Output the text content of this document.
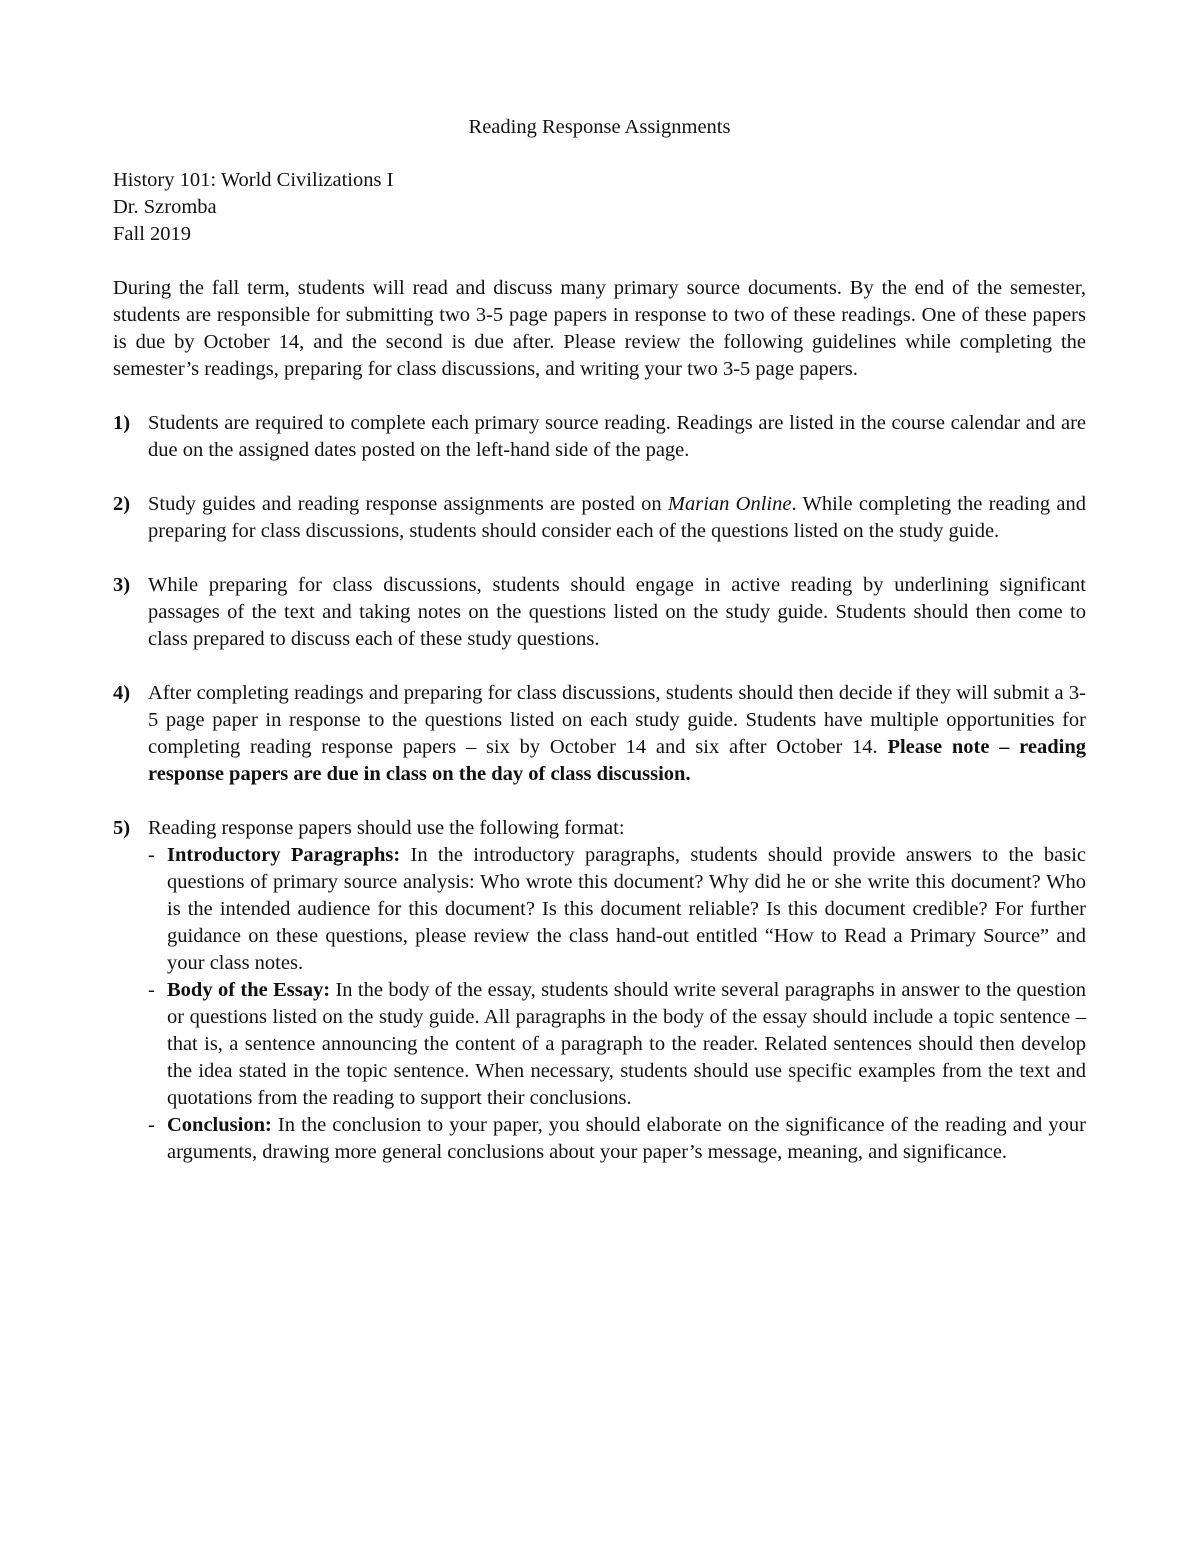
Reading Response Assignments
History 101: World Civilizations I
Dr. Szromba
Fall 2019

During the fall term, students will read and discuss many primary source documents. By the end of the semester, students are responsible for submitting two 3-5 page papers in response to two of these readings. One of these papers is due by October 14, and the second is due after. Please review the following guidelines while completing the semester’s readings, preparing for class discussions, and writing your two 3-5 page papers.

1) Students are required to complete each primary source reading. Readings are listed in the course calendar and are due on the assigned dates posted on the left-hand side of the page.
2) Study guides and reading response assignments are posted on Marian Online. While completing the reading and preparing for class discussions, students should consider each of the questions listed on the study guide.
3) While preparing for class discussions, students should engage in active reading by underlining significant passages of the text and taking notes on the questions listed on the study guide. Students should then come to class prepared to discuss each of these study questions.
4) After completing readings and preparing for class discussions, students should then decide if they will submit a 3-5 page paper in response to the questions listed on each study guide. Students have multiple opportunities for completing reading response papers – six by October 14 and six after October 14. Please note – reading response papers are due in class on the day of class discussion.
5) Reading response papers should use the following format:
- Introductory Paragraphs: In the introductory paragraphs, students should provide answers to the basic questions of primary source analysis: Who wrote this document? Why did he or she write this document? Who is the intended audience for this document? Is this document reliable? Is this document credible? For further guidance on these questions, please review the class hand-out entitled “How to Read a Primary Source” and your class notes.
- Body of the Essay: In the body of the essay, students should write several paragraphs in answer to the question or questions listed on the study guide. All paragraphs in the body of the essay should include a topic sentence – that is, a sentence announcing the content of a paragraph to the reader. Related sentences should then develop the idea stated in the topic sentence. When necessary, students should use specific examples from the text and quotations from the reading to support their conclusions.
- Conclusion: In the conclusion to your paper, you should elaborate on the significance of the reading and your arguments, drawing more general conclusions about your paper’s message, meaning, and significance.
